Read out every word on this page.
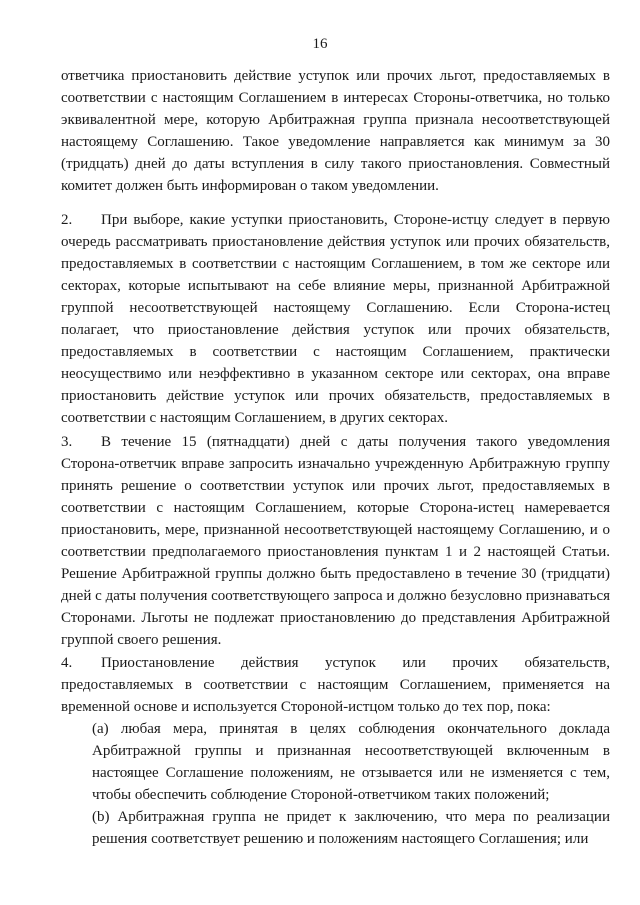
16

ответчика приостановить действие уступок или прочих льгот, предоставляемых в соответствии с настоящим Соглашением в интересах Стороны-ответчика, но только эквивалентной мере, которую Арбитражная группа признала несоответствующей настоящему Соглашению. Такое уведомление направляется как минимум за 30 (тридцать) дней до даты вступления в силу такого приостановления. Совместный комитет должен быть информирован о таком уведомлении.

2. При выборе, какие уступки приостановить, Стороне-истцу следует в первую очередь рассматривать приостановление действия уступок или прочих обязательств, предоставляемых в соответствии с настоящим Соглашением, в том же секторе или секторах, которые испытывают на себе влияние меры, признанной Арбитражной группой несоответствующей настоящему Соглашению. Если Сторона-истец полагает, что приостановление действия уступок или прочих обязательств, предоставляемых в соответствии с настоящим Соглашением, практически неосуществимо или неэффективно в указанном секторе или секторах, она вправе приостановить действие уступок или прочих обязательств, предоставляемых в соответствии с настоящим Соглашением, в других секторах.

3. В течение 15 (пятнадцати) дней с даты получения такого уведомления Сторона-ответчик вправе запросить изначально учрежденную Арбитражную группу принять решение о соответствии уступок или прочих льгот, предоставляемых в соответствии с настоящим Соглашением, которые Сторона-истец намеревается приостановить, мере, признанной несоответствующей настоящему Соглашению, и о соответствии предполагаемого приостановления пунктам 1 и 2 настоящей Статьи. Решение Арбитражной группы должно быть предоставлено в течение 30 (тридцати) дней с даты получения соответствующего запроса и должно безусловно признаваться Сторонами. Льготы не подлежат приостановлению до представления Арбитражной группой своего решения.

4. Приостановление действия уступок или прочих обязательств, предоставляемых в соответствии с настоящим Соглашением, применяется на временной основе и используется Стороной-истцом только до тех пор, пока:

(a) любая мера, принятая в целях соблюдения окончательного доклада Арбитражной группы и признанная несоответствующей включенным в настоящее Соглашение положениям, не отзывается или не изменяется с тем, чтобы обеспечить соблюдение Стороной-ответчиком таких положений;

(b) Арбитражная группа не придет к заключению, что мера по реализации решения соответствует решению и положениям настоящего Соглашения; или
